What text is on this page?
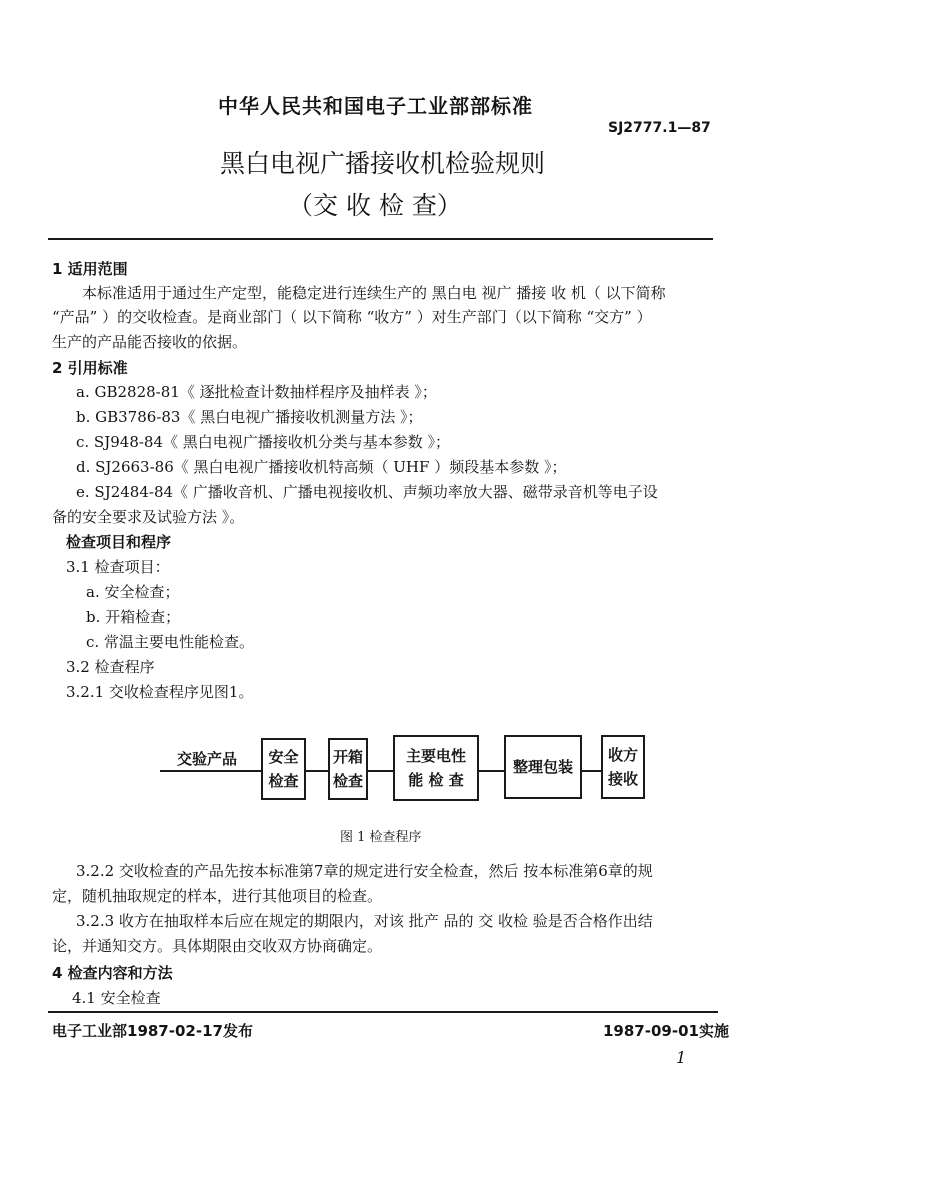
中华人民共和国电子工业部部标准
SJ2777.1—87
黑白电视广播接收机检验规则
（交 收 检 查）
1 适用范围
本标准适用于通过生产定型，能稳定进行连续生产的 黑白电 视广 播接 收 机（ 以下简称
“产品” ）的交收检查。是商业部门（ 以下简称 “收方” ）对生产部门（以下简称 “交方” ）
生产的产品能否接收的依据。
2 引用标准
a. GB2828-81《 逐批检查计数抽样程序及抽样表 》；
b. GB3786-83《 黑白电视广播接收机测量方法 》；
c. SJ948-84《 黑白电视广播接收机分类与基本参数 》；
d. SJ2663-86《 黑白电视广播接收机特高频（ UHF ）频段基本参数 》；
e. SJ2484-84《 广播收音机、广播电视接收机、声频功率放大器、磁带录音机等电子设
备的安全要求及试验方法 》。
检查项目和程序
3.1 检查项目：
a. 安全检查；
b. 开箱检查；
c. 常温主要电性能检查。
3.2 检查程序
3.2.1 交收检查程序见图1。
交验产品 安全
检查
开箱
检查
主要电性
能 检 查
整理包装
收方
接收
图 1 检查程序
3.2.2 交收检查的产品先按本标准第7章的规定进行安全检查，然后 按本标准第6章的规
定，随机抽取规定的样本，进行其他项目的检查。
3.2.3 收方在抽取样本后应在规定的期限内，对该 批产 品的 交 收检 验是否合格作出结
论，并通知交方。具体期限由交收双方协商确定。
4 检查内容和方法
4.1 安全检查
电子工业部1987-02-17发布	1987-09-01实施
1
